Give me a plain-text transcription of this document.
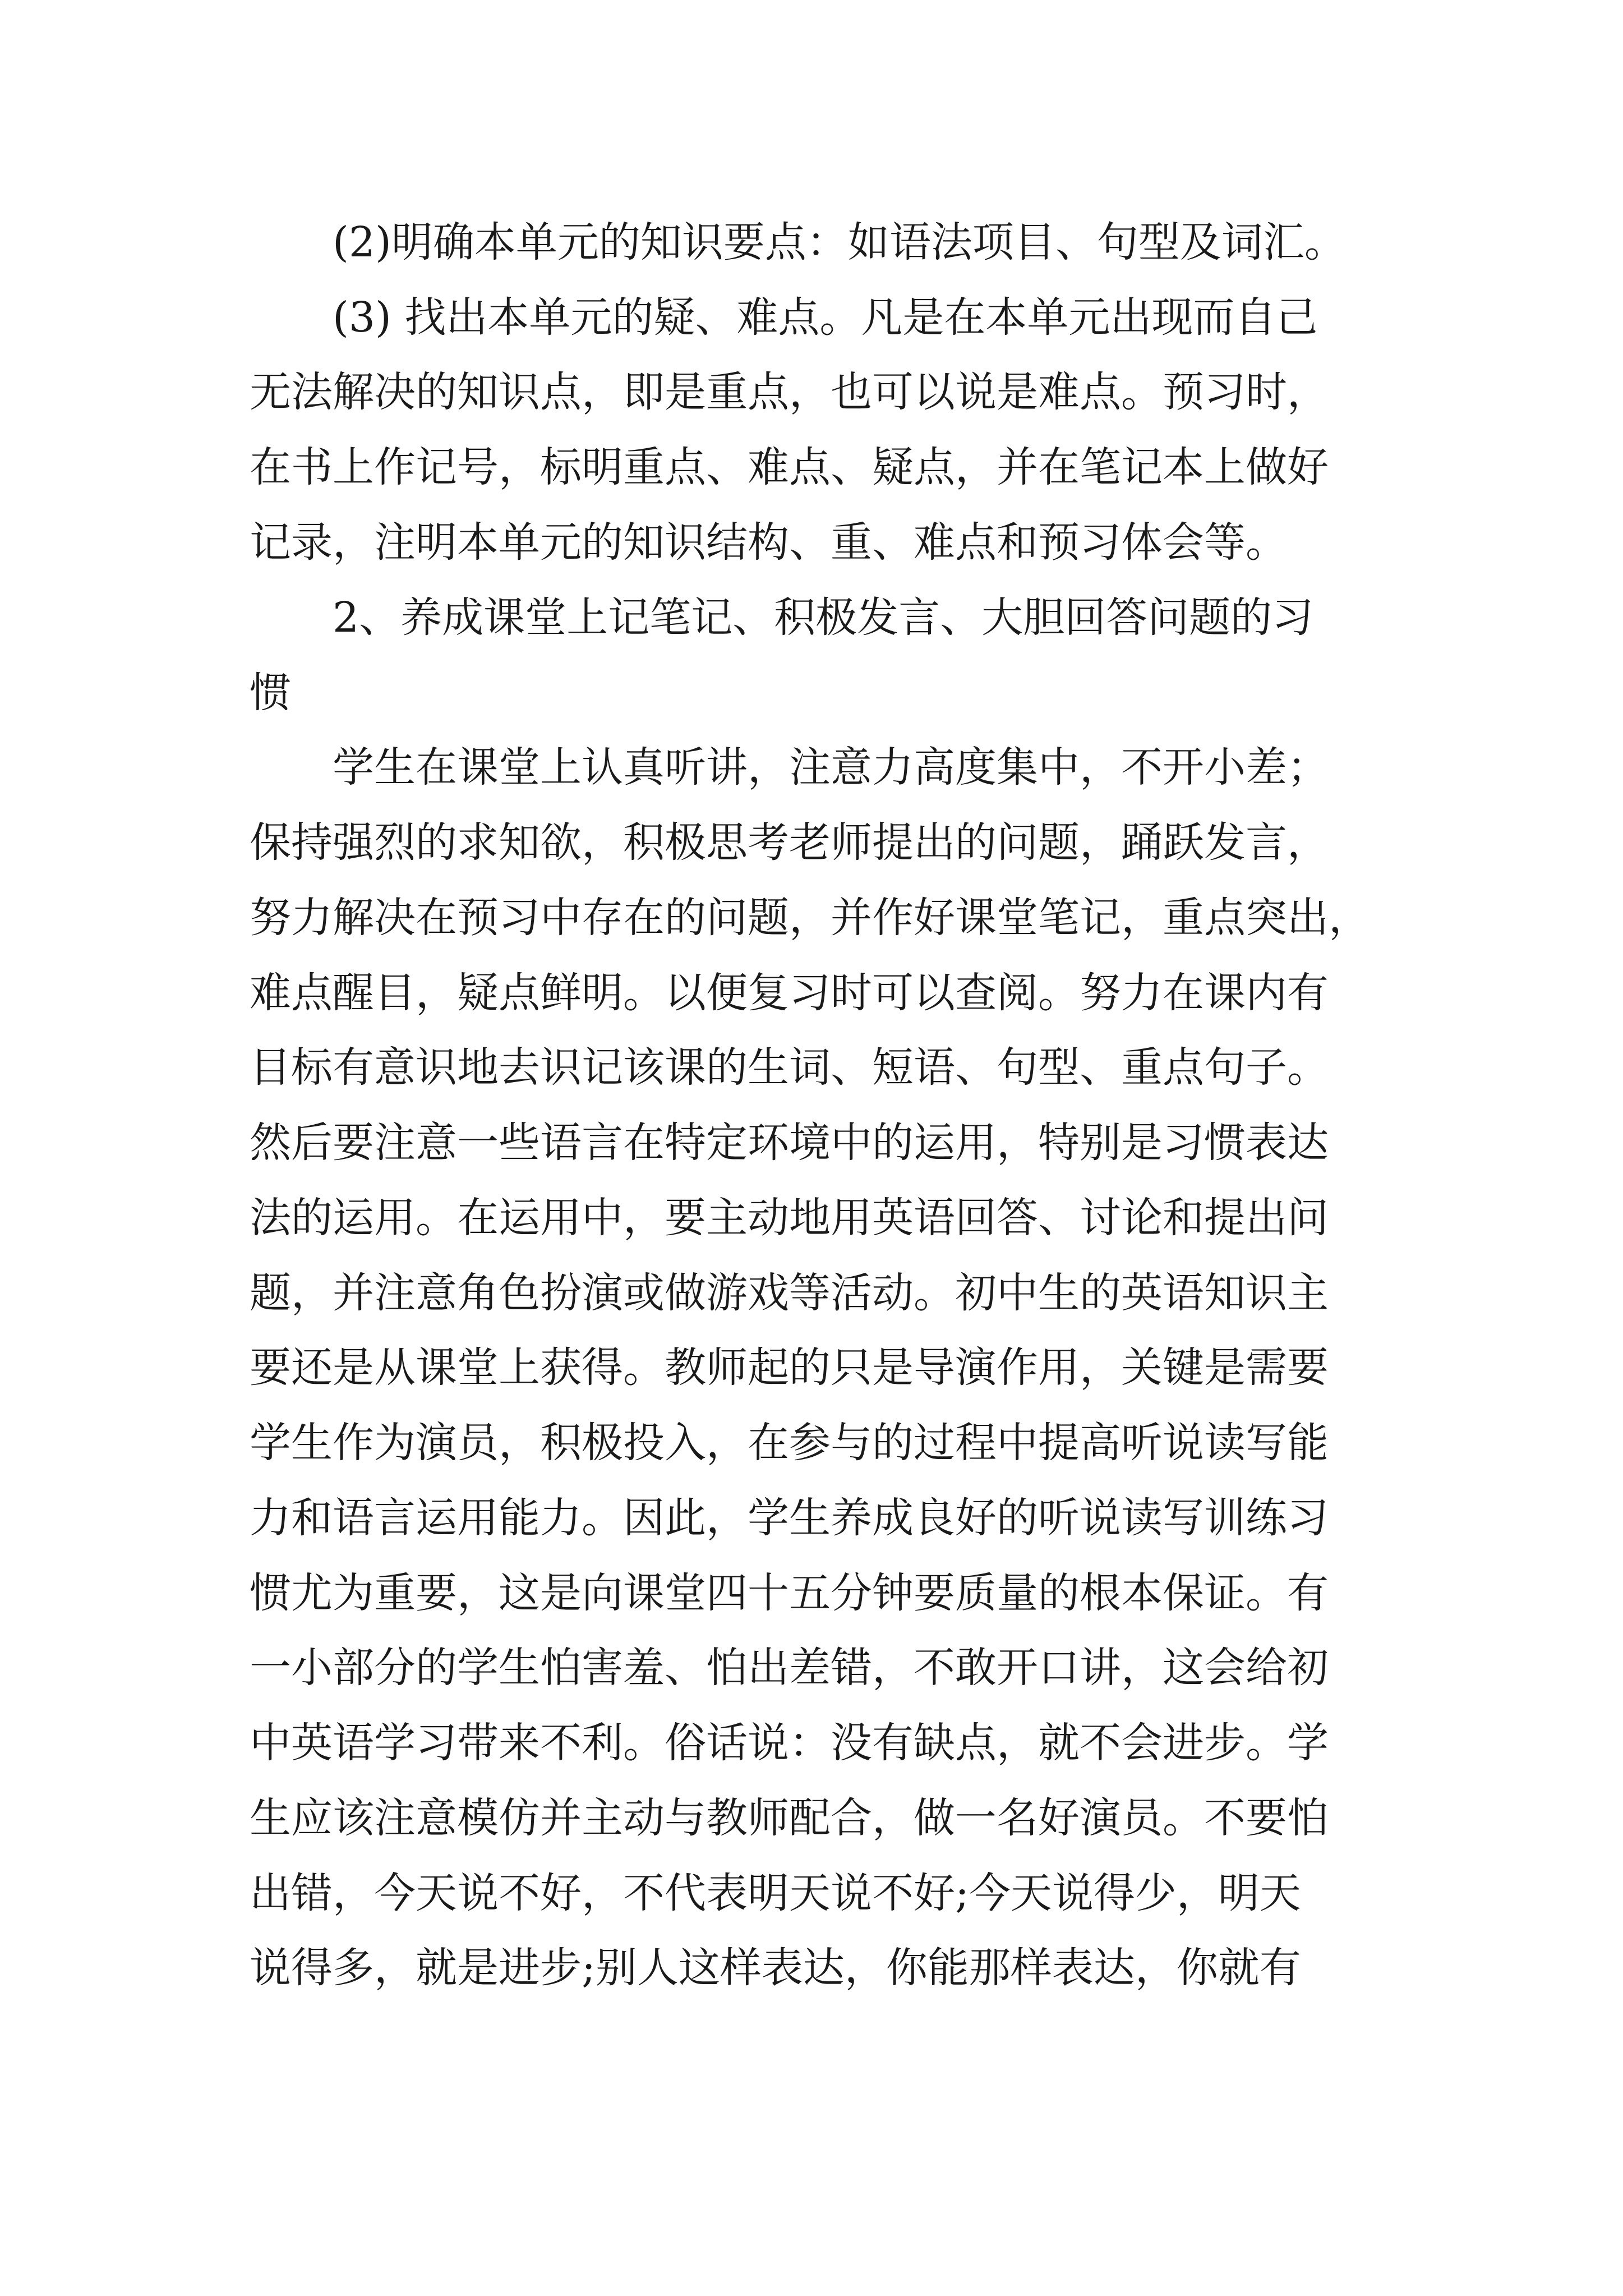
(2)明确本单元的知识要点：如语法项目、句型及词汇。

(3) 找出本单元的疑、难点。凡是在本单元出现而自己

无法解决的知识点，即是重点，也可以说是难点。预习时，

在书上作记号，标明重点、难点、疑点，并在笔记本上做好

记录，注明本单元的知识结构、重、难点和预习体会等。

2、养成课堂上记笔记、积极发言、大胆回答问题的习

惯

学生在课堂上认真听讲，注意力高度集中，不开小差；

保持强烈的求知欲，积极思考老师提出的问题，踊跃发言，

努力解决在预习中存在的问题，并作好课堂笔记，重点突出，

难点醒目，疑点鲜明。以便复习时可以查阅。努力在课内有

目标有意识地去识记该课的生词、短语、句型、重点句子。

然后要注意一些语言在特定环境中的运用，特别是习惯表达

法的运用。在运用中，要主动地用英语回答、讨论和提出问

题，并注意角色扮演或做游戏等活动。初中生的英语知识主

要还是从课堂上获得。教师起的只是导演作用，关键是需要

学生作为演员，积极投入，在参与的过程中提高听说读写能

力和语言运用能力。因此，学生养成良好的听说读写训练习

惯尤为重要，这是向课堂四十五分钟要质量的根本保证。有

一小部分的学生怕害羞、怕出差错，不敢开口讲，这会给初

中英语学习带来不利。俗话说：没有缺点，就不会进步。学

生应该注意模仿并主动与教师配合，做一名好演员。不要怕

出错，今天说不好，不代表明天说不好;今天说得少，明天

说得多，就是进步;别人这样表达，你能那样表达，你就有
